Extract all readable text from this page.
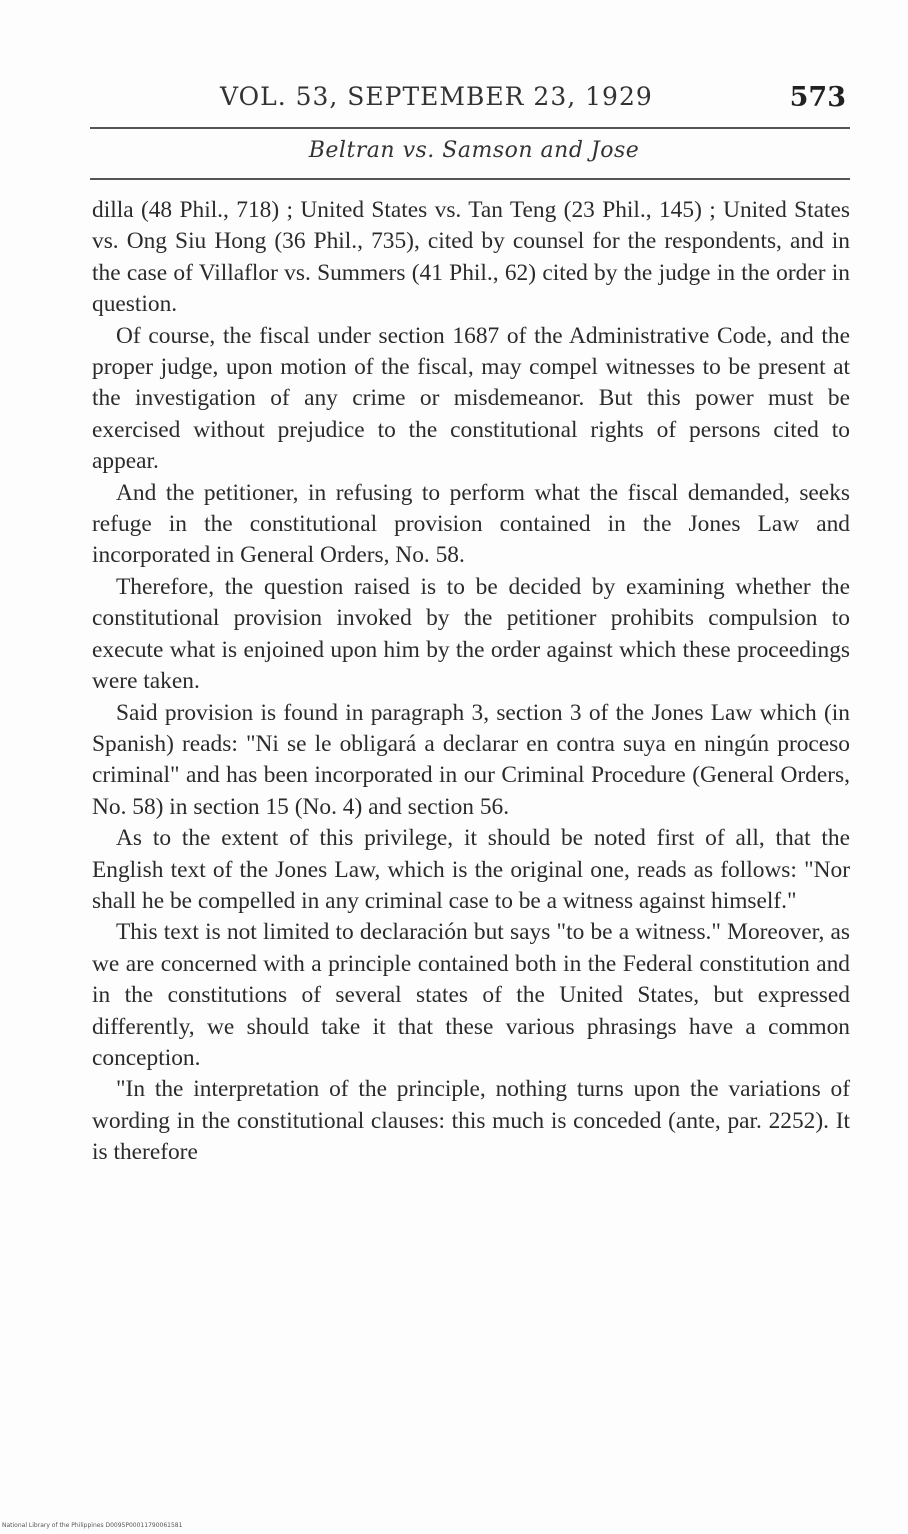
VOL. 53, SEPTEMBER 23, 1929	573
Beltran vs. Samson and Jose

dilla (48 Phil., 718) ; United States vs. Tan Teng (23 Phil., 145) ; United States vs. Ong Siu Hong (36 Phil., 735), cited by counsel for the respondents, and in the case of Villaflor vs. Summers (41 Phil., 62) cited by the judge in the order in question.

Of course, the fiscal under section 1687 of the Administrative Code, and the proper judge, upon motion of the fiscal, may compel witnesses to be present at the investigation of any crime or misdemeanor. But this power must be exercised without prejudice to the constitutional rights of persons cited to appear.

And the petitioner, in refusing to perform what the fiscal demanded, seeks refuge in the constitutional provision contained in the Jones Law and incorporated in General Orders, No. 58.

Therefore, the question raised is to be decided by examining whether the constitutional provision invoked by the petitioner prohibits compulsion to execute what is enjoined upon him by the order against which these proceedings were taken.

Said provision is found in paragraph 3, section 3 of the Jones Law which (in Spanish) reads: "Ni se le obligará a declarar en contra suya en ningún proceso criminal" and has been incorporated in our Criminal Procedure (General Orders, No. 58) in section 15 (No. 4) and section 56.

As to the extent of this privilege, it should be noted first of all, that the English text of the Jones Law, which is the original one, reads as follows: "Nor shall he be compelled in any criminal case to be a witness against himself."

This text is not limited to declaración but says "to be a witness." Moreover, as we are concerned with a principle contained both in the Federal constitution and in the constitutions of several states of the United States, but expressed differently, we should take it that these various phrasings have a common conception.

"In the interpretation of the principle, nothing turns upon the variations of wording in the constitutional clauses: this much is conceded (ante, par. 2252). It is therefore

National Library of the Philippines D0095P00011790061581
